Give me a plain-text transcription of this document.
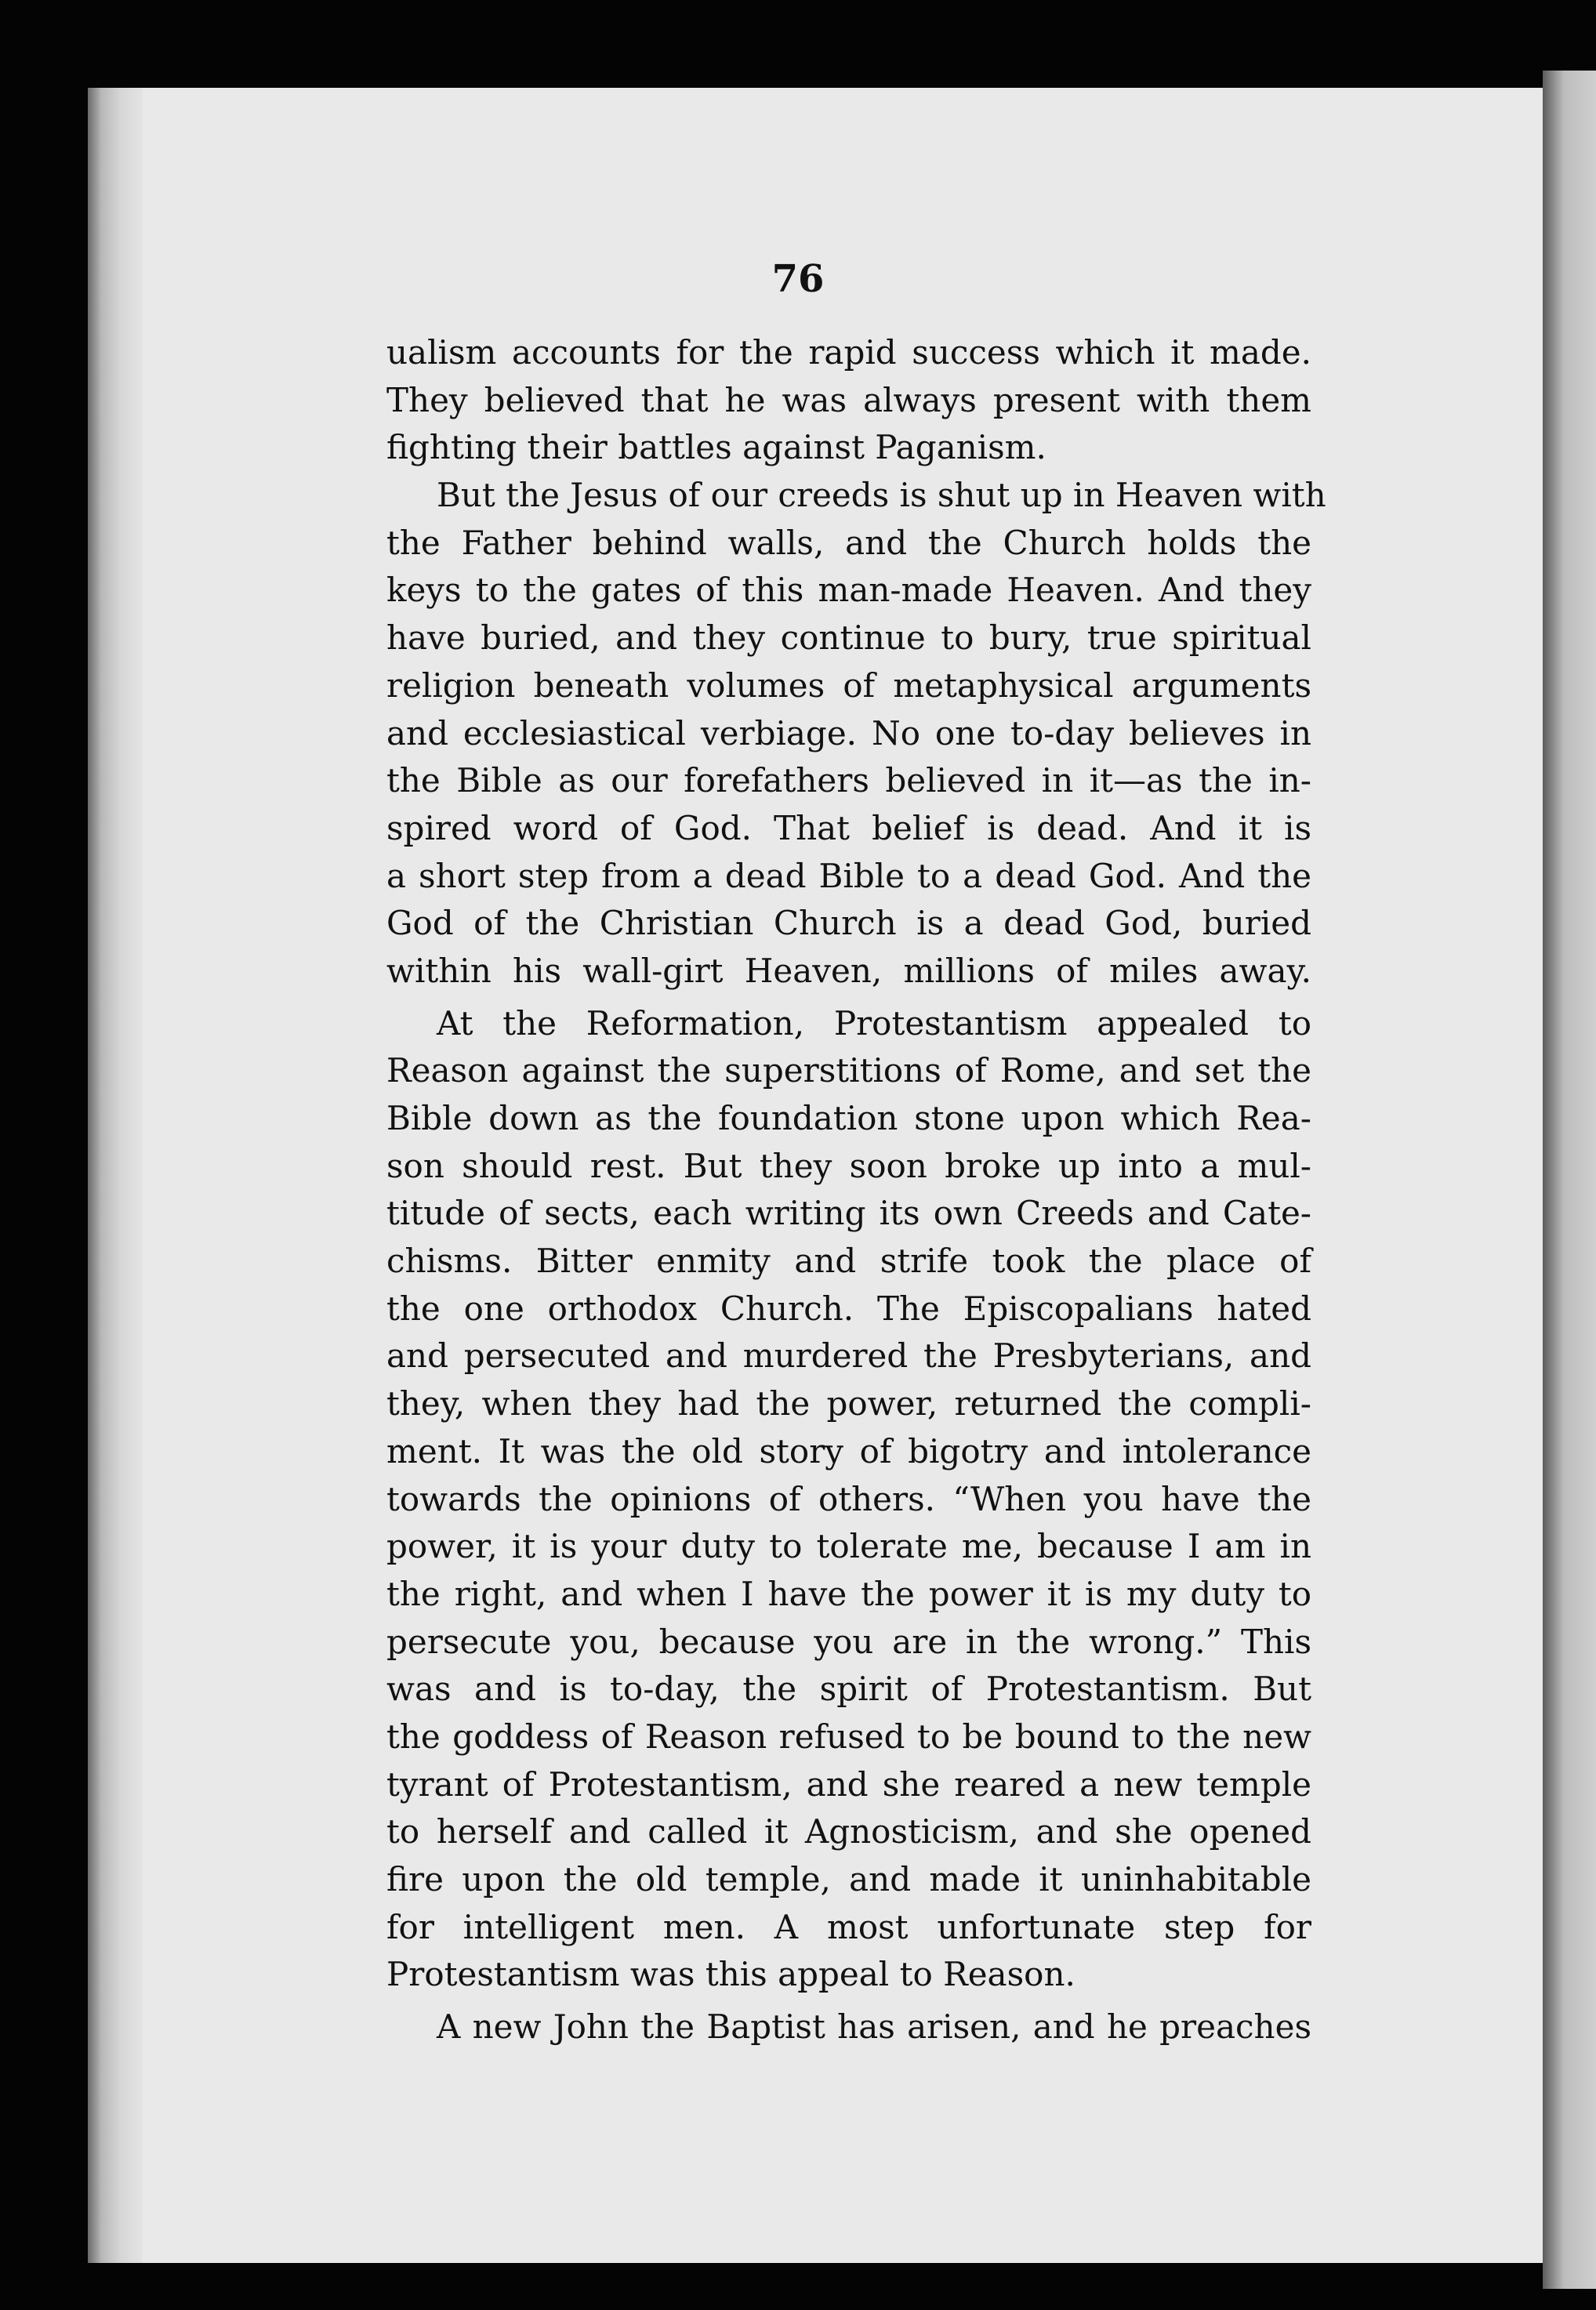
76
ualism accounts for the rapid success which it made.
They believed that he was always present with them
fighting their battles against Paganism.
But the Jesus of our creeds is shut up in Heaven with
the Father behind walls, and the Church holds the
keys to the gates of this man-made Heaven. And they
have buried, and they continue to bury, true spiritual
religion beneath volumes of metaphysical arguments
and ecclesiastical verbiage. No one to-day believes in
the Bible as our forefathers believed in it—as the in-
spired word of God. That belief is dead. And it is
a short step from a dead Bible to a dead God. And the
God of the Christian Church is a dead God, buried
within his wall-girt Heaven, millions of miles away.
At the Reformation, Protestantism appealed to
Reason against the superstitions of Rome, and set the
Bible down as the foundation stone upon which Rea-
son should rest. But they soon broke up into a mul-
titude of sects, each writing its own Creeds and Cate-
chisms. Bitter enmity and strife took the place of
the one orthodox Church. The Episcopalians hated
and persecuted and murdered the Presbyterians, and
they, when they had the power, returned the compli-
ment. It was the old story of bigotry and intolerance
towards the opinions of others. “When you have the
power, it is your duty to tolerate me, because I am in
the right, and when I have the power it is my duty to
persecute you, because you are in the wrong.” This
was and is to-day, the spirit of Protestantism. But
the goddess of Reason refused to be bound to the new
tyrant of Protestantism, and she reared a new temple
to herself and called it Agnosticism, and she opened
fire upon the old temple, and made it uninhabitable
for intelligent men. A most unfortunate step for
Protestantism was this appeal to Reason.
A new John the Baptist has arisen, and he preaches
